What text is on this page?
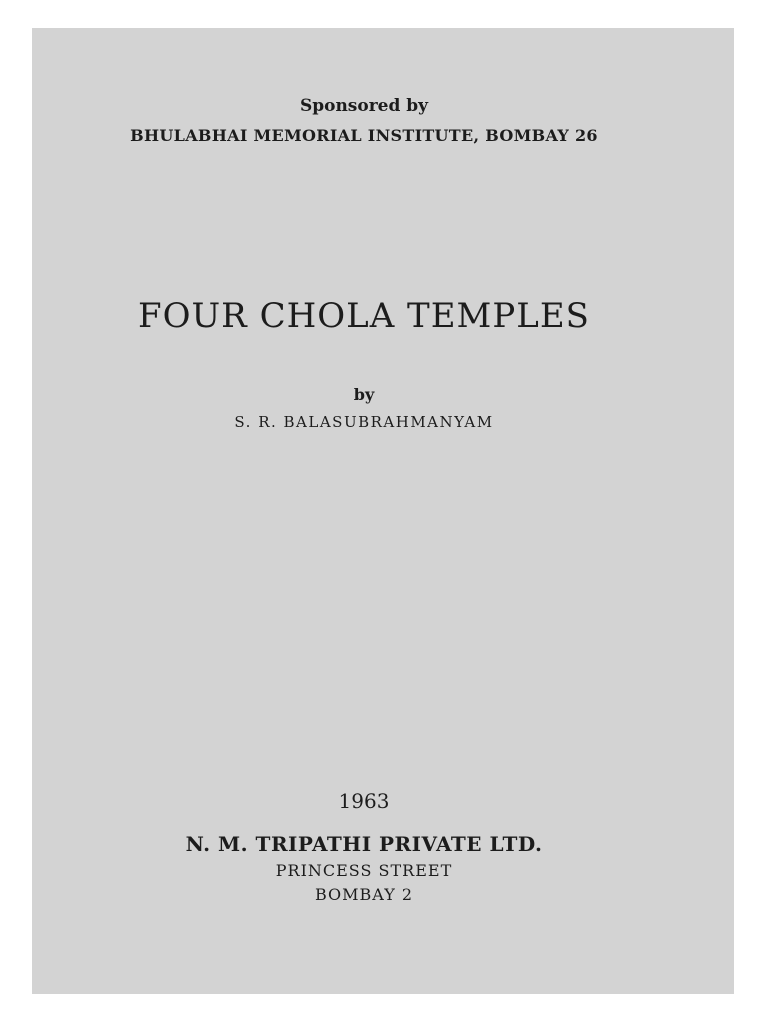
Sponsored by

BHULABHAI MEMORIAL INSTITUTE, BOMBAY 26

FOUR CHOLA TEMPLES

by

S. R. BALASUBRAHMANYAM

1963

N. M. TRIPATHI PRIVATE LTD.

PRINCESS STREET

BOMBAY 2
